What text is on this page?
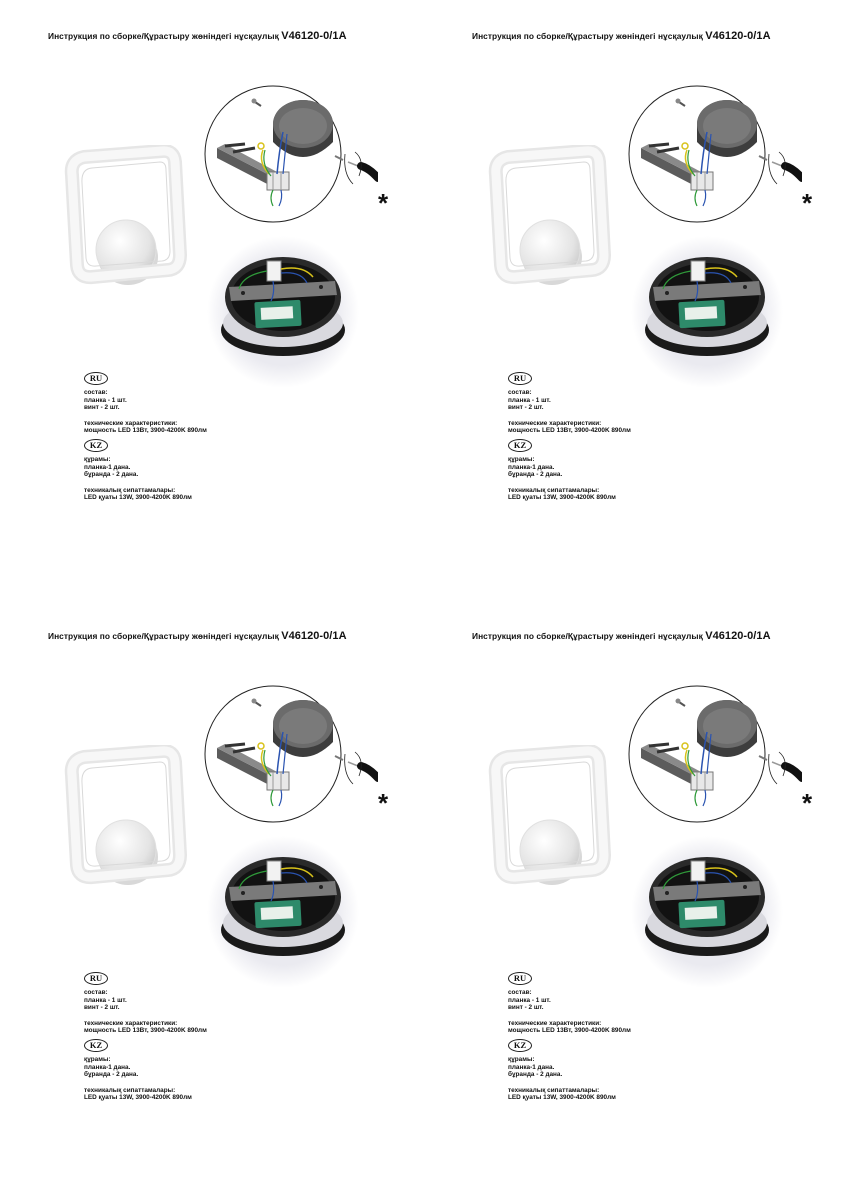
Инструкция по сборке/Құрастыру жөніндегі нұсқаулық V46120-0/1A
*
RU
состав:
планка - 1 шт.
винт - 2 шт.
технические характеристики:
мощность LED 13Вт, 3900-4200K 890лм
KZ
құрамы:
планка-1 дана.
бұранда - 2 дана.
техникалық сипаттамалары:
LED қуаты 13W, 3900-4200K 890лм
Инструкция по сборке/Құрастыру жөніндегі нұсқаулық V46120-0/1A
*
RU
состав:
планка - 1 шт.
винт - 2 шт.
технические характеристики:
мощность LED 13Вт, 3900-4200K 890лм
KZ
құрамы:
планка-1 дана.
бұранда - 2 дана.
техникалық сипаттамалары:
LED қуаты 13W, 3900-4200K 890лм
Инструкция по сборке/Құрастыру жөніндегі нұсқаулық V46120-0/1A
*
RU
состав:
планка - 1 шт.
винт - 2 шт.
технические характеристики:
мощность LED 13Вт, 3900-4200K 890лм
KZ
құрамы:
планка-1 дана.
бұранда - 2 дана.
техникалық сипаттамалары:
LED қуаты 13W, 3900-4200K 890лм
Инструкция по сборке/Құрастыру жөніндегі нұсқаулық V46120-0/1A
*
RU
состав:
планка - 1 шт.
винт - 2 шт.
технические характеристики:
мощность LED 13Вт, 3900-4200K 890лм
KZ
құрамы:
планка-1 дана.
бұранда - 2 дана.
техникалық сипаттамалары:
LED қуаты 13W, 3900-4200K 890лм
